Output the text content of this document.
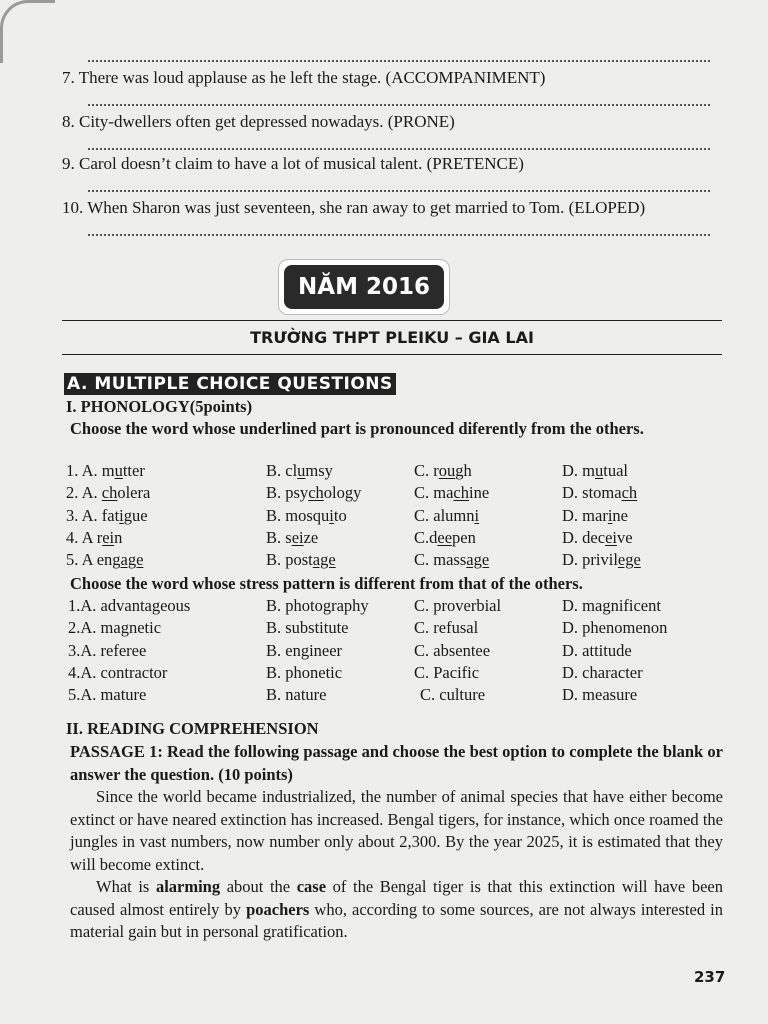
7. There was loud applause as he left the stage. (ACCOMPANIMENT)
8. City-dwellers often get depressed nowadays. (PRONE)
9. Carol doesn’t claim to have a lot of musical talent. (PRETENCE)
10. When Sharon was just seventeen, she ran away to get married to Tom. (ELOPED)
NĂM 2016
TRƯỜNG THPT PLEIKU – GIA LAI
A. MULTIPLE CHOICE QUESTIONS
I. PHONOLOGY(5points)
Choose the word whose underlined part is pronounced diferently from the others.
1. A. mutter	B. clumsy	C. rough	D. mutual
2. A. cholera	B. psychology	C. machine	D. stomach
3. A. fatigue	B. mosquito	C. alumni	D. marine
4. A rein	B. seize	C.deepen	D. deceive
5. A engage	B. postage	C. massage	D. privilege
Choose the word whose stress pattern is different from that of the others.
1.A. advantageous	B. photography	C. proverbial	D. magnificent
2.A. magnetic	B. substitute	C. refusal	D. phenomenon
3.A. referee	B. engineer	C. absentee	D. attitude
4.A. contractor	B. phonetic	C. Pacific	D. character
5.A. mature	B. nature	C. culture	D. measure
II. READING COMPREHENSION
PASSAGE 1: Read the following passage and choose the best option to complete the blank or answer the question. (10 points)

Since the world became industrialized, the number of animal species that have either become extinct or have neared extinction has increased. Bengal tigers, for instance, which once roamed the jungles in vast numbers, now number only about 2,300. By the year 2025, it is estimated that they will become extinct.

What is alarming about the case of the Bengal tiger is that this extinction will have been caused almost entirely by poachers who, according to some sources, are not always interested in material gain but in personal gratification.

237
